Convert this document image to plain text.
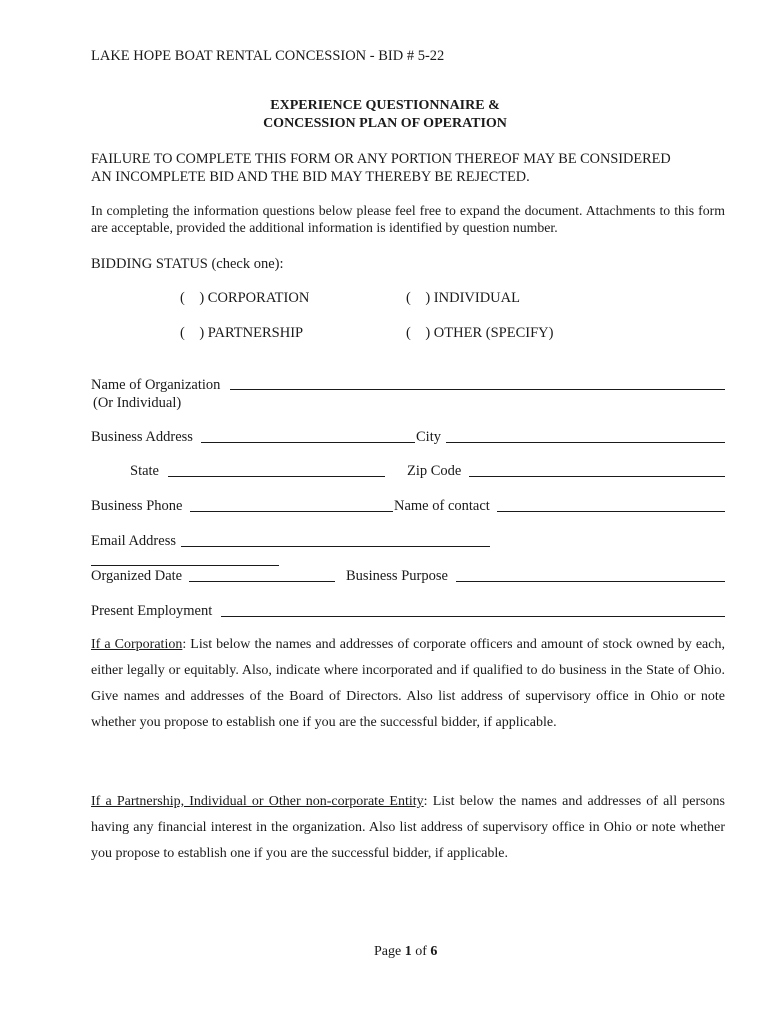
LAKE HOPE BOAT RENTAL CONCESSION - BID # 5-22
EXPERIENCE QUESTIONNAIRE &
CONCESSION PLAN OF OPERATION
FAILURE TO COMPLETE THIS FORM OR ANY PORTION THEREOF MAY BE CONSIDERED
AN INCOMPLETE BID AND THE BID MAY THEREBY BE REJECTED.
In completing the information questions below please feel free to expand the document. Attachments to this form are acceptable, provided the additional information is identified by question number.
BIDDING STATUS (check one):
(    ) CORPORATION	(    ) INDIVIDUAL
(    ) PARTNERSHIP	(    ) OTHER (SPECIFY)
Name of Organization
(Or Individual)
Business Address	City
State	Zip Code
Business Phone	Name of contact
Email Address
Organized Date	Business Purpose
Present Employment
If a Corporation: List below the names and addresses of corporate officers and amount of stock owned by each, either legally or equitably. Also, indicate where incorporated and if qualified to do business in the State of Ohio. Give names and addresses of the Board of Directors. Also list address of supervisory office in Ohio or note whether you propose to establish one if you are the successful bidder, if applicable.
If a Partnership, Individual or Other non-corporate Entity: List below the names and addresses of all persons having any financial interest in the organization. Also list address of supervisory office in Ohio or note whether you propose to establish one if you are the successful bidder, if applicable.
Page 1 of 6
